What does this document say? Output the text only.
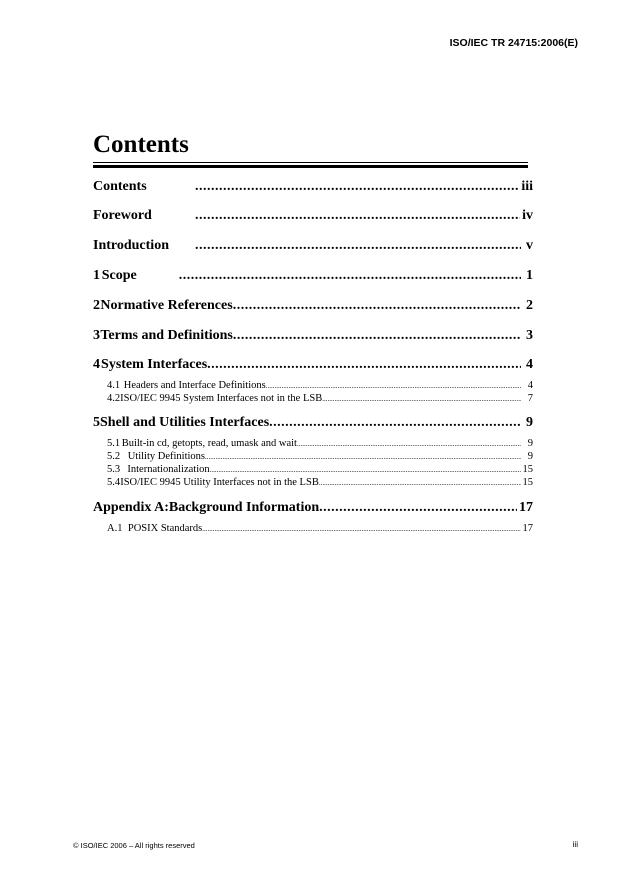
ISO/IEC TR 24715:2006(E)
Contents
Contents .....	iii
Foreword .....	iv
Introduction .....	v
1 Scope .....	1
2 Normative References .....	2
3 Terms and Definitions .....	3
4 System Interfaces .....	4
4.1 Headers and Interface Definitions .....	4
4.2 ISO/IEC 9945 System Interfaces not in the LSB .....	7
5 Shell and Utilities Interfaces .....	9
5.1 Built-in cd, getopts, read, umask and wait .....	9
5.2 Utility Definitions .....	9
5.3 Internationalization .....	15
5.4 ISO/IEC 9945 Utility Interfaces not in the LSB .....	15
Appendix A: Background Information .....	17
A.1 POSIX Standards .....	17
© ISO/IEC 2006 – All rights reserved	iii
